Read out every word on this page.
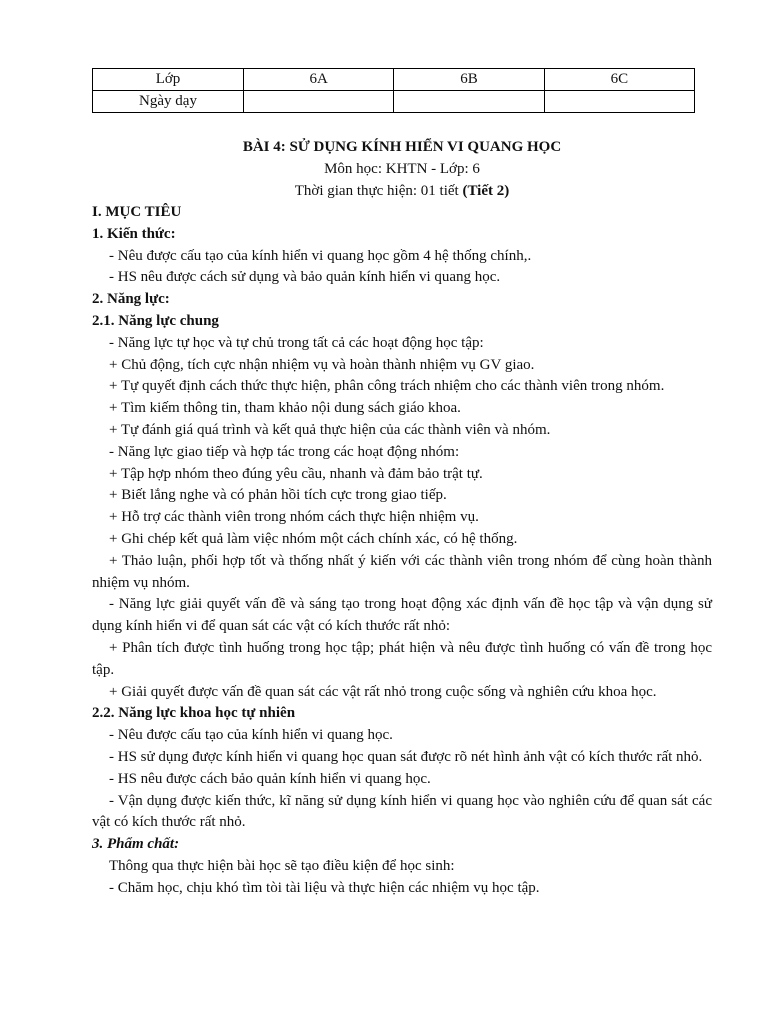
Lớp	6A	6B	6C
Ngày dạy			
BÀI 4: SỬ DỤNG KÍNH HIỂN VI QUANG HỌC
Môn học: KHTN - Lớp: 6
Thời gian thực hiện: 01 tiết (Tiết 2)
I. MỤC TIÊU
1. Kiến thức:
- Nêu được cấu tạo của kính hiển vi quang học gồm 4 hệ thống chính,.
- HS nêu được cách sử dụng và bảo quản kính hiển vi quang học.
2. Năng lực:
2.1. Năng lực chung
- Năng lực tự học và tự chủ trong tất cả các hoạt động học tập:
+ Chủ động, tích cực nhận nhiệm vụ và hoàn thành nhiệm vụ GV giao.
+ Tự quyết định cách thức thực hiện, phân công trách nhiệm cho các thành viên trong nhóm.
+ Tìm kiếm thông tin, tham khảo nội dung sách giáo khoa.
+ Tự đánh giá quá trình và kết quả thực hiện của các thành viên và nhóm.
- Năng lực giao tiếp và hợp tác trong các hoạt động nhóm:
+ Tập hợp nhóm theo đúng yêu cầu, nhanh và đảm bảo trật tự.
+ Biết lắng nghe và có phản hồi tích cực trong giao tiếp.
+ Hỗ trợ các thành viên trong nhóm cách thực hiện nhiệm vụ.
+ Ghi chép kết quả làm việc nhóm một cách chính xác, có hệ thống.
+ Thảo luận, phối hợp tốt và thống nhất ý kiến với các thành viên trong nhóm để cùng hoàn thành nhiệm vụ nhóm.
- Năng lực giải quyết vấn đề và sáng tạo trong hoạt động xác định vấn đề học tập và vận dụng sử dụng kính hiển vi để quan sát các vật có kích thước rất nhỏ:
+ Phân tích được tình huống trong học tập; phát hiện và nêu được tình huống có vấn đề trong học tập.
+ Giải quyết được vấn đề quan sát các vật rất nhỏ trong cuộc sống và nghiên cứu khoa học.
2.2. Năng lực khoa học tự nhiên
- Nêu được cấu tạo của kính hiển vi quang học.
- HS sử dụng được kính hiển vi quang học quan sát được rõ nét hình ảnh vật có kích thước rất nhỏ.
- HS nêu được cách bảo quản kính hiển vi quang học.
- Vận dụng được kiến thức, kĩ năng sử dụng kính hiển vi quang học vào nghiên cứu để quan sát các vật có kích thước rất nhỏ.
3. Phẩm chất:
Thông qua thực hiện bài học sẽ tạo điều kiện để học sinh:
- Chăm học, chịu khó tìm tòi tài liệu và thực hiện các nhiệm vụ học tập.
